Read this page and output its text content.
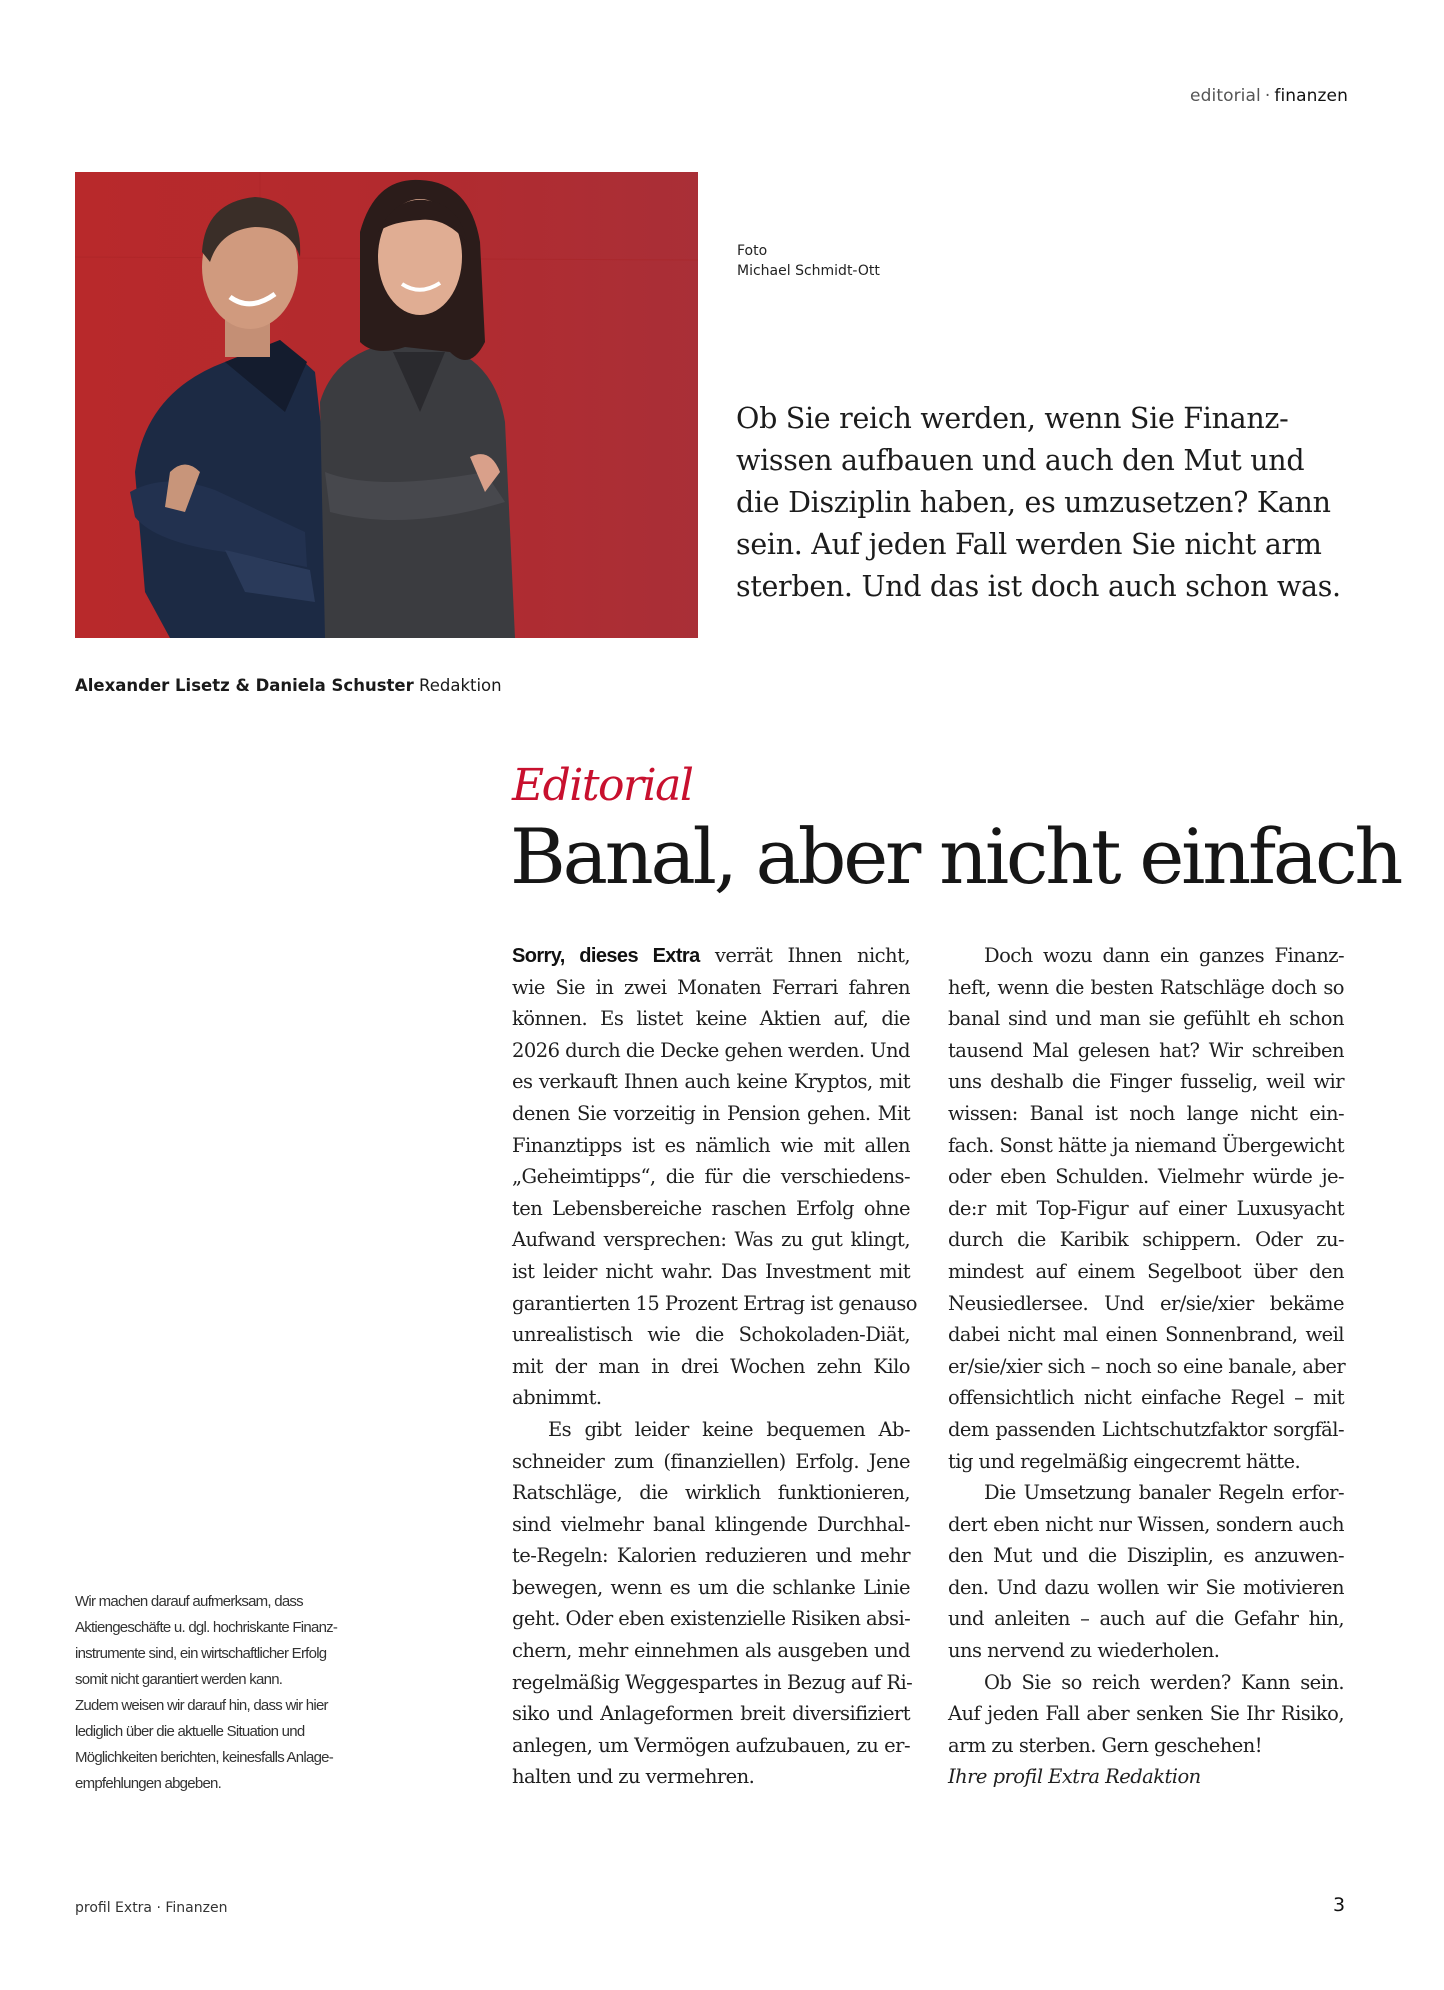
editorial · finanzen
Foto
Michael Schmidt-Ott
Ob Sie reich werden, wenn Sie Finanz-
wissen aufbauen und auch den Mut und
die Disziplin haben, es umzusetzen? Kann
sein. Auf jeden Fall werden Sie nicht arm
sterben. Und das ist doch auch schon was.
Alexander Lisetz & Daniela Schuster Redaktion
Editorial
Banal, aber nicht einfach
Sorry, dieses Extra verrät Ihnen nicht,
wie Sie in zwei Monaten Ferrari fahren
können. Es listet keine Aktien auf, die
2026 durch die Decke gehen werden. Und
es verkauft Ihnen auch keine Kryptos, mit
denen Sie vorzeitig in Pension gehen. Mit
Finanztipps ist es nämlich wie mit allen
„Geheimtipps“, die für die verschiedens-
ten Lebensbereiche raschen Erfolg ohne
Aufwand versprechen: Was zu gut klingt,
ist leider nicht wahr. Das Investment mit
garantierten 15 Prozent Ertrag ist genauso
unrealistisch wie die Schokoladen-Diät,
mit der man in drei Wochen zehn Kilo
abnimmt.
Es gibt leider keine bequemen Ab-
schneider zum (finanziellen) Erfolg. Jene
Ratschläge, die wirklich funktionieren,
sind vielmehr banal klingende Durchhal-
te-Regeln: Kalorien reduzieren und mehr
bewegen, wenn es um die schlanke Linie
geht. Oder eben existenzielle Risiken absi-
chern, mehr einnehmen als ausgeben und
regelmäßig Weggespartes in Bezug auf Ri-
siko und Anlageformen breit diversifiziert
anlegen, um Vermögen aufzubauen, zu er-
halten und zu vermehren.
Doch wozu dann ein ganzes Finanz-
heft, wenn die besten Ratschläge doch so
banal sind und man sie gefühlt eh schon
tausend Mal gelesen hat? Wir schreiben
uns deshalb die Finger fusselig, weil wir
wissen: Banal ist noch lange nicht ein-
fach. Sonst hätte ja niemand Übergewicht
oder eben Schulden. Vielmehr würde je-
de:r mit Top-Figur auf einer Luxusyacht
durch die Karibik schippern. Oder zu-
mindest auf einem Segelboot über den
Neusiedlersee. Und er/sie/xier bekäme
dabei nicht mal einen Sonnenbrand, weil
er/sie/xier sich – noch so eine banale, aber
offensichtlich nicht einfache Regel – mit
dem passenden Lichtschutzfaktor sorgfäl-
tig und regelmäßig eingecremt hätte.
Die Umsetzung banaler Regeln erfor-
dert eben nicht nur Wissen, sondern auch
den Mut und die Disziplin, es anzuwen-
den. Und dazu wollen wir Sie motivieren
und anleiten – auch auf die Gefahr hin,
uns nervend zu wiederholen.
Ob Sie so reich werden? Kann sein.
Auf jeden Fall aber senken Sie Ihr Risiko,
arm zu sterben. Gern geschehen!
Ihre profil Extra Redaktion
Wir machen darauf aufmerksam, dass
Aktiengeschäfte u. dgl. hochriskante Finanz-
instrumente sind, ein wirtschaftlicher Erfolg
somit nicht garantiert werden kann.
Zudem weisen wir darauf hin, dass wir hier
lediglich über die aktuelle Situation und
Möglichkeiten berichten, keinesfalls Anlage-
empfehlungen abgeben.
profil Extra · Finanzen	3
